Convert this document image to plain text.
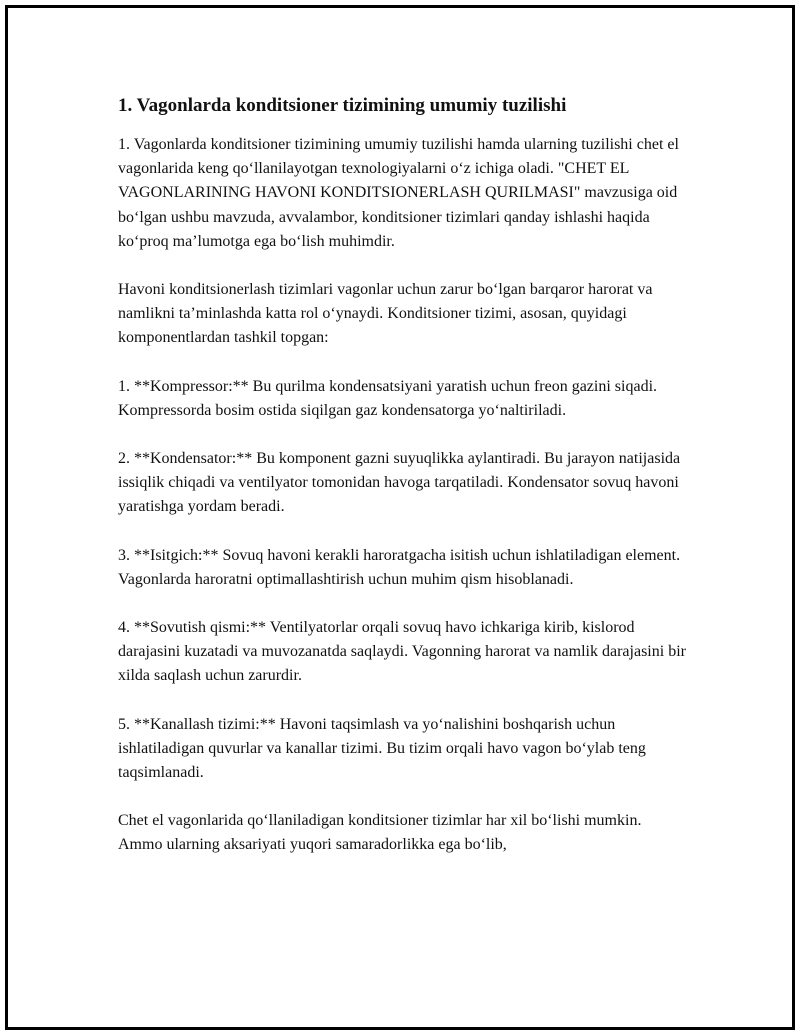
1. Vagonlarda konditsioner tizimining umumiy tuzilishi

1. Vagonlarda konditsioner tizimining umumiy tuzilishi hamda ularning tuzilishi chet el vagonlarida keng qo‘llanilayotgan texnologiyalarni o‘z ichiga oladi. "CHET EL VAGONLARINING HAVONI KONDITSIONERLASH QURILMASI" mavzusiga oid bo‘lgan ushbu mavzuda, avvalambor, konditsioner tizimlari qanday ishlashi haqida ko‘proq ma’lumotga ega bo‘lish muhimdir.

Havoni konditsionerlash tizimlari vagonlar uchun zarur bo‘lgan barqaror harorat va namlikni ta’minlashda katta rol o‘ynaydi. Konditsioner tizimi, asosan, quyidagi komponentlardan tashkil topgan:

1. **Kompressor:** Bu qurilma kondensatsiyani yaratish uchun freon gazini siqadi. Kompressorda bosim ostida siqilgan gaz kondensatorga yo‘naltiriladi.

2. **Kondensator:** Bu komponent gazni suyuqlikka aylantiradi. Bu jarayon natijasida issiqlik chiqadi va ventilyator tomonidan havoga tarqatiladi. Kondensator sovuq havoni yaratishga yordam beradi.

3. **Isitgich:** Sovuq havoni kerakli haroratgacha isitish uchun ishlatiladigan element. Vagonlarda haroratni optimallashtirish uchun muhim qism hisoblanadi.

4. **Sovutish qismi:** Ventilyatorlar orqali sovuq havo ichkariga kirib, kislorod darajasini kuzatadi va muvozanatda saqlaydi. Vagonning harorat va namlik darajasini bir xilda saqlash uchun zarurdir.

5. **Kanallash tizimi:** Havoni taqsimlash va yo‘nalishini boshqarish uchun ishlatiladigan quvurlar va kanallar tizimi. Bu tizim orqali havo vagon bo‘ylab teng taqsimlanadi.

Chet el vagonlarida qo‘llaniladigan konditsioner tizimlar har xil bo‘lishi mumkin. Ammo ularning aksariyati yuqori samaradorlikka ega bo‘lib,
